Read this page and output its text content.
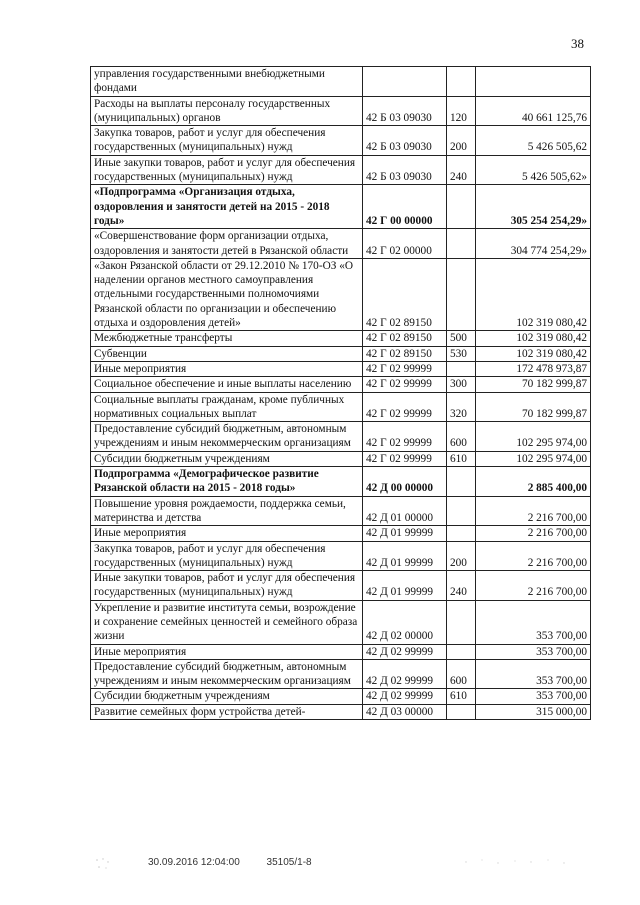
38
управления государственными внебюджетными фондами			
Расходы на выплаты персоналу государственных (муниципальных) органов	42 Б 03 09030	120	40 661 125,76
Закупка товаров, работ и услуг для обеспечения государственных (муниципальных) нужд	42 Б 03 09030	200	5 426 505,62
Иные закупки товаров, работ и услуг для обеспечения государственных (муниципальных) нужд	42 Б 03 09030	240	5 426 505,62»
«Подпрограмма «Организация отдыха, оздоровления и занятости детей на 2015 - 2018 годы»	42 Г 00 00000		305 254 254,29»
«Совершенствование форм организации отдыха, оздоровления и занятости детей в Рязанской области	42 Г 02 00000		304 774 254,29»
«Закон Рязанской области от 29.12.2010 № 170-ОЗ «О наделении органов местного самоуправления отдельными государственными полномочиями Рязанской области по организации и обеспечению отдыха и оздоровления детей»	42 Г 02 89150		102 319 080,42
Межбюджетные трансферты	42 Г 02 89150	500	102 319 080,42
Субвенции	42 Г 02 89150	530	102 319 080,42
Иные мероприятия	42 Г 02 99999		172 478 973,87
Социальное обеспечение и иные выплаты населению	42 Г 02 99999	300	70 182 999,87
Социальные выплаты гражданам, кроме публичных нормативных социальных выплат	42 Г 02 99999	320	70 182 999,87
Предоставление субсидий бюджетным, автономным учреждениям и иным некоммерческим организациям	42 Г 02 99999	600	102 295 974,00
Субсидии бюджетным учреждениям	42 Г 02 99999	610	102 295 974,00
Подпрограмма «Демографическое развитие Рязанской области на 2015 - 2018 годы»	42 Д 00 00000		2 885 400,00
Повышение уровня рождаемости, поддержка семьи, материнства и детства	42 Д 01 00000		2 216 700,00
Иные мероприятия	42 Д 01 99999		2 216 700,00
Закупка товаров, работ и услуг для обеспечения государственных (муниципальных) нужд	42 Д 01 99999	200	2 216 700,00
Иные закупки товаров, работ и услуг для обеспечения государственных (муниципальных) нужд	42 Д 01 99999	240	2 216 700,00
Укрепление и развитие института семьи, возрождение и сохранение семейных ценностей и семейного образа жизни	42 Д 02 00000		353 700,00
Иные мероприятия	42 Д 02 99999		353 700,00
Предоставление субсидий бюджетным, автономным учреждениям и иным некоммерческим организациям	42 Д 02 99999	600	353 700,00
Субсидии бюджетным учреждениям	42 Д 02 99999	610	353 700,00
Развитие семейных форм устройства детей-	42 Д 03 00000		315 000,00
30.09.2016 12:04:00	35105/1-8
